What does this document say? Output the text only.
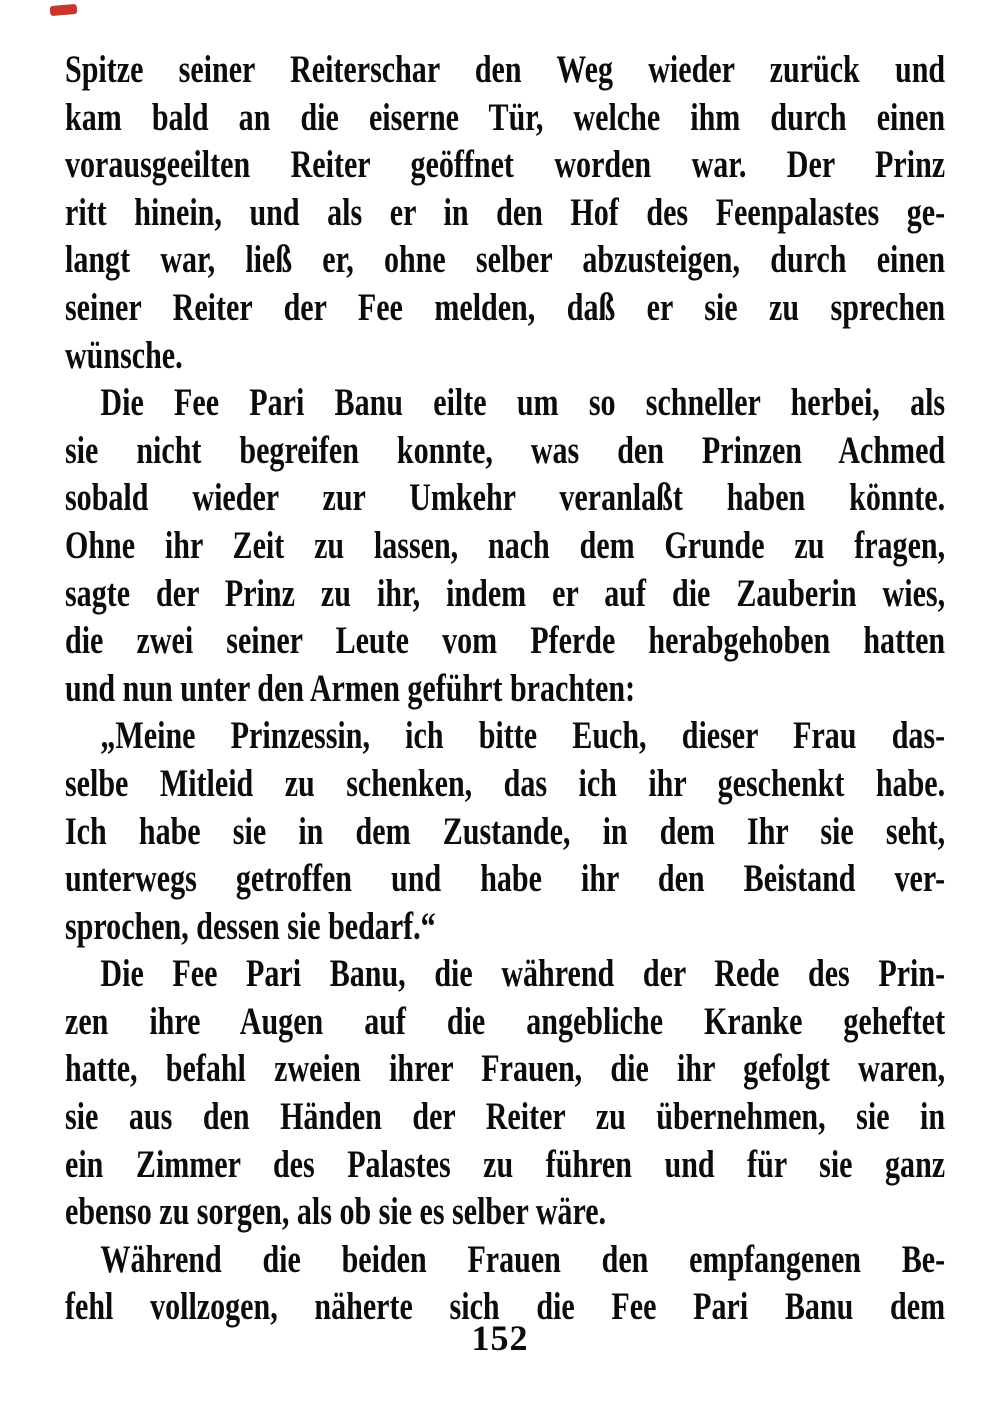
Spitze seiner Reiterschar den Weg wieder zurück und
kam bald an die eiserne Tür, welche ihm durch einen
vorausgeeilten Reiter geöffnet worden war. Der Prinz
ritt hinein, und als er in den Hof des Feenpalastes ge-
langt war, ließ er, ohne selber abzusteigen, durch einen
seiner Reiter der Fee melden, daß er sie zu sprechen
wünsche.
Die Fee Pari Banu eilte um so schneller herbei, als
sie nicht begreifen konnte, was den Prinzen Achmed
sobald wieder zur Umkehr veranlaßt haben könnte.
Ohne ihr Zeit zu lassen, nach dem Grunde zu fragen,
sagte der Prinz zu ihr, indem er auf die Zauberin wies,
die zwei seiner Leute vom Pferde herabgehoben hatten
und nun unter den Armen geführt brachten:
„Meine Prinzessin, ich bitte Euch, dieser Frau das-
selbe Mitleid zu schenken, das ich ihr geschenkt habe.
Ich habe sie in dem Zustande, in dem Ihr sie seht,
unterwegs getroffen und habe ihr den Beistand ver-
sprochen, dessen sie bedarf.“
Die Fee Pari Banu, die während der Rede des Prin-
zen ihre Augen auf die angebliche Kranke geheftet
hatte, befahl zweien ihrer Frauen, die ihr gefolgt waren,
sie aus den Händen der Reiter zu übernehmen, sie in
ein Zimmer des Palastes zu führen und für sie ganz
ebenso zu sorgen, als ob sie es selber wäre.
Während die beiden Frauen den empfangenen Be-
fehl vollzogen, näherte sich die Fee Pari Banu dem
152
